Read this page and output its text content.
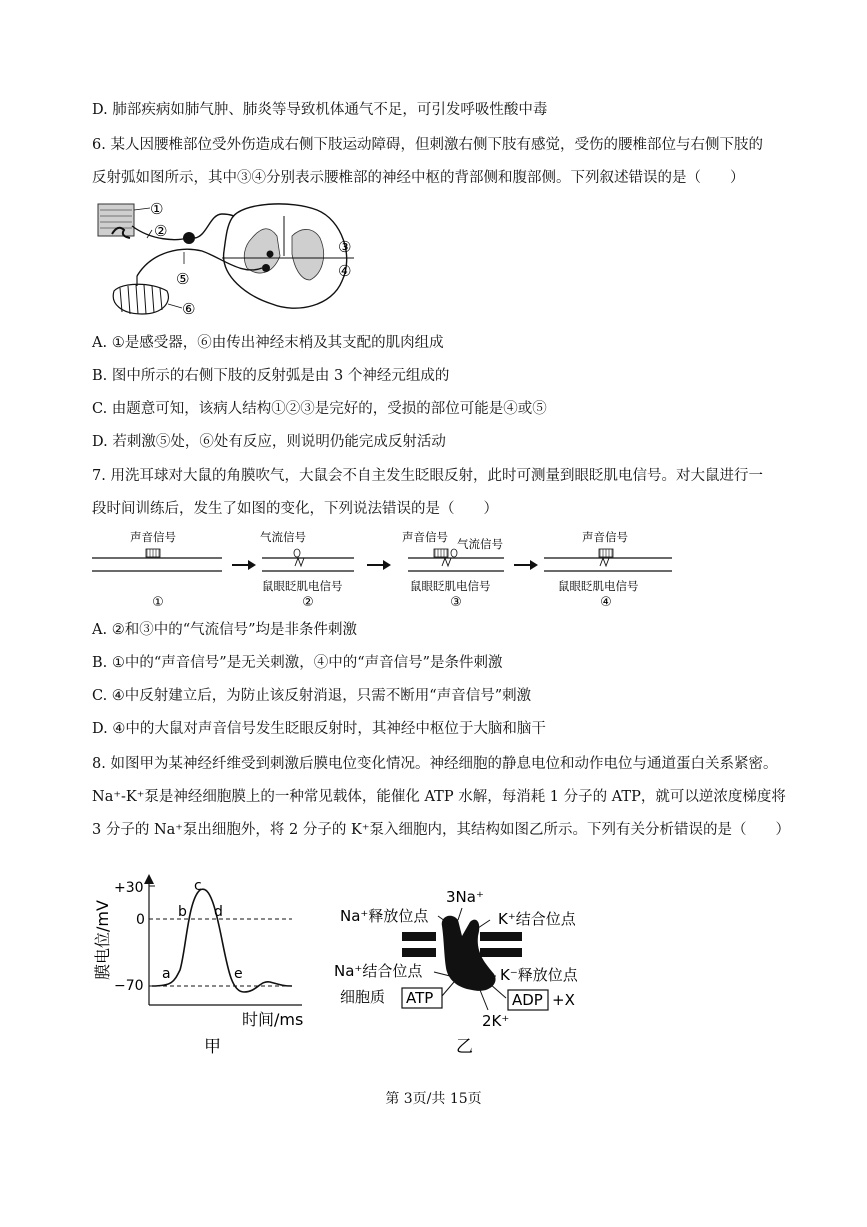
D. 肺部疾病如肺气肿、肺炎等导致机体通气不足，可引发呼吸性酸中毒
6. 某人因腰椎部位受外伤造成右侧下肢运动障碍，但刺激右侧下肢有感觉，受伤的腰椎部位与右侧下肢的
反射弧如图所示，其中③④分别表示腰椎部的神经中枢的背部侧和腹部侧。下列叙述错误的是（　　）
①
②
③
④
⑤
⑥
A. ①是感受器，⑥由传出神经末梢及其支配的肌肉组成
B. 图中所示的右侧下肢的反射弧是由 3 个神经元组成的
C. 由题意可知，该病人结构①②③是完好的，受损的部位可能是④或⑤
D. 若刺激⑤处，⑥处有反应，则说明仍能完成反射活动
7. 用洗耳球对大鼠的角膜吹气，大鼠会不自主发生眨眼反射，此时可测量到眼眨肌电信号。对大鼠进行一
段时间训练后，发生了如图的变化，下列说法错误的是（　　）
声音信号
①
气流信号
鼠眼眨肌电信号
②
声音信号 气流信号
鼠眼眨肌电信号
③
声音信号
鼠眼眨肌电信号
④
A. ②和③中的“气流信号”均是非条件刺激
B. ①中的“声音信号”是无关刺激，④中的“声音信号”是条件刺激
C. ④中反射建立后，为防止该反射消退，只需不断用“声音信号”刺激
D. ④中的大鼠对声音信号发生眨眼反射时，其神经中枢位于大脑和脑干
8. 如图甲为某神经纤维受到刺激后膜电位变化情况。神经细胞的静息电位和动作电位与通道蛋白关系紧密。
Na⁺-K⁺泵是神经细胞膜上的一种常见载体，能催化 ATP 水解，每消耗 1 分子的 ATP，就可以逆浓度梯度将
3 分子的 Na⁺泵出细胞外，将 2 分子的 K⁺泵入细胞内，其结构如图乙所示。下列有关分析错误的是（　　）
膜电位/mV
+30
0
−70
a
b
c
d
e
时间/ms
甲
3Na⁺
Na⁺释放位点	K⁺结合位点
Na⁺结合位点	K⁻释放位点
细胞质 ATP	ADP +X
2K⁺
乙
第 3页/共 15页
